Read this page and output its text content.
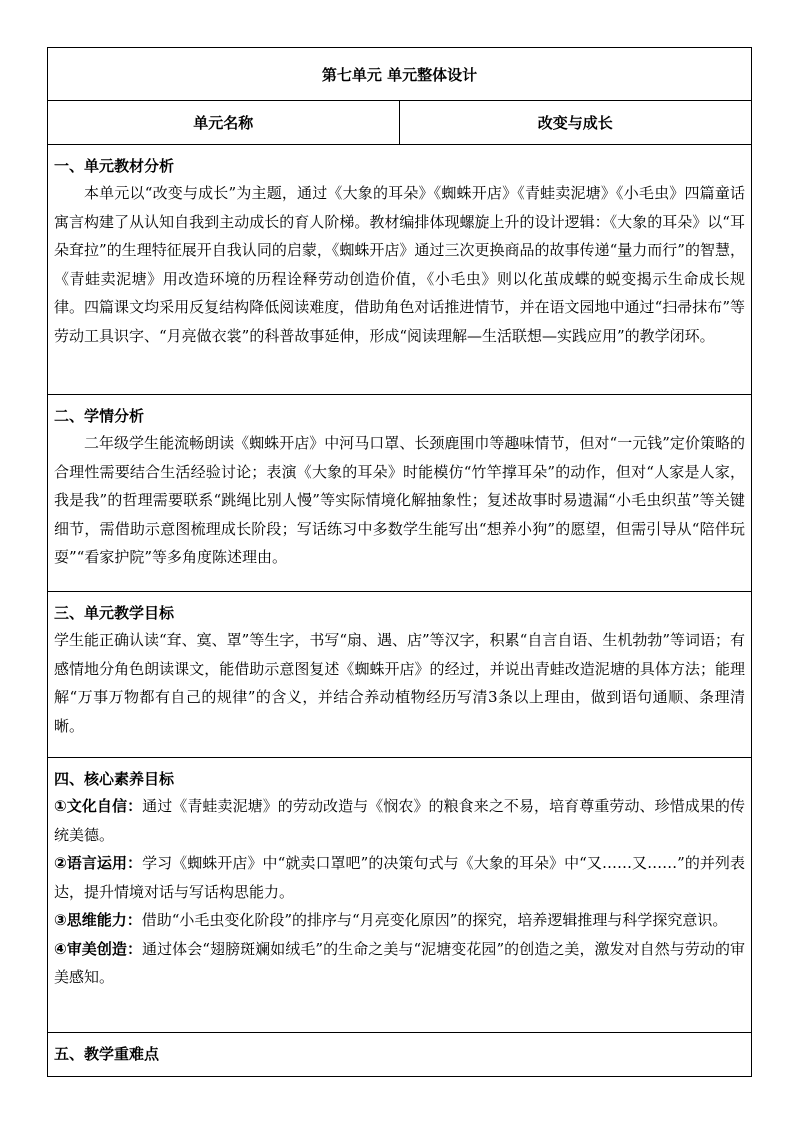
第七单元 单元整体设计
单元名称	改变与成长
一、单元教材分析

本单元以“改变与成长”为主题，通过《大象的耳朵》《蜘蛛开店》《青蛙卖泥塘》《小毛虫》四篇童话寓言构建了从认知自我到主动成长的育人阶梯。教材编排体现螺旋上升的设计逻辑：《大象的耳朵》以“耳朵耷拉”的生理特征展开自我认同的启蒙，《蜘蛛开店》通过三次更换商品的故事传递“量力而行”的智慧，《青蛙卖泥塘》用改造环境的历程诠释劳动创造价值，《小毛虫》则以化茧成蝶的蜕变揭示生命成长规律。四篇课文均采用反复结构降低阅读难度，借助角色对话推进情节，并在语文园地中通过“扫帚抹布”等劳动工具识字、“月亮做衣裳”的科普故事延伸，形成“阅读理解—生活联想—实践应用”的教学闭环。

二、学情分析

二年级学生能流畅朗读《蜘蛛开店》中河马口罩、长颈鹿围巾等趣味情节，但对“一元钱”定价策略的合理性需要结合生活经验讨论；表演《大象的耳朵》时能模仿“竹竿撑耳朵”的动作，但对“人家是人家，我是我”的哲理需要联系“跳绳比别人慢”等实际情境化解抽象性；复述故事时易遗漏“小毛虫织茧”等关键细节，需借助示意图梳理成长阶段；写话练习中多数学生能写出“想养小狗”的愿望，但需引导从“陪伴玩耍”“看家护院”等多角度陈述理由。

三、单元教学目标

学生能正确认读“耷、寞、罩”等生字，书写“扇、遇、店”等汉字，积累“自言自语、生机勃勃”等词语；有感情地分角色朗读课文，能借助示意图复述《蜘蛛开店》的经过，并说出青蛙改造泥塘的具体方法；能理解“万事万物都有自己的规律”的含义，并结合养动植物经历写清3条以上理由，做到语句通顺、条理清晰。

四、核心素养目标

①文化自信：通过《青蛙卖泥塘》的劳动改造与《悯农》的粮食来之不易，培育尊重劳动、珍惜成果的传统美德。

②语言运用：学习《蜘蛛开店》中“就卖口罩吧”的决策句式与《大象的耳朵》中“又……又……”的并列表达，提升情境对话与写话构思能力。

③思维能力：借助“小毛虫变化阶段”的排序与“月亮变化原因”的探究，培养逻辑推理与科学探究意识。

④审美创造：通过体会“翅膀斑斓如绒毛”的生命之美与“泥塘变花园”的创造之美，激发对自然与劳动的审美感知。

五、教学重难点
